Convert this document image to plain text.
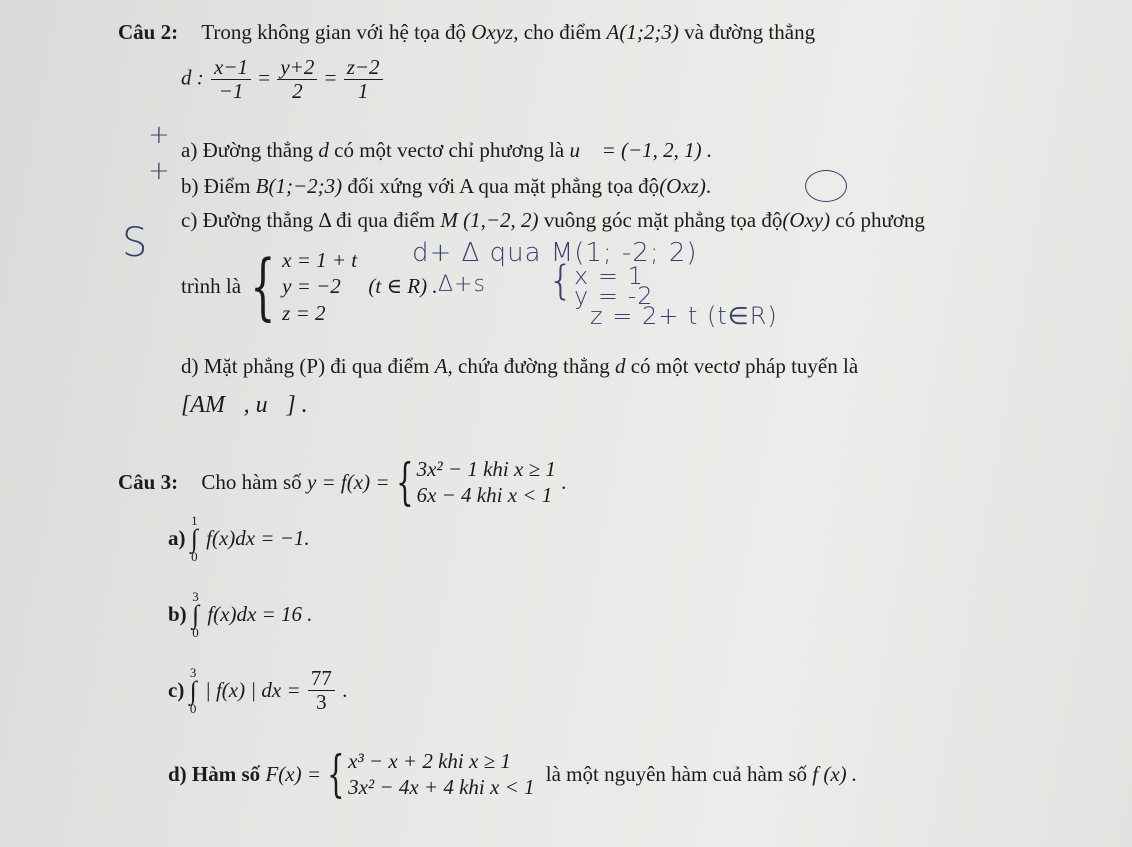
Câu 2: Trong không gian với hệ tọa độ Oxyz, cho điểm A(1;2;3) và đường thẳng
d : $\frac{x-1}{-1} = \frac{y+2}{2} = \frac{z-2}{1}$
a) Đường thẳng d có một vectơ chỉ phương là u⃗ = (−1, 2, 1) .
b) Điểm B(1;−2;3) đối xứng với A qua mặt phẳng tọa độ(Oxz).
c) Đường thẳng Δ đi qua điểm M (1,−2, 2) vuông góc mặt phẳng tọa độ(Oxy) có phương
trình là { x = 1 + t
y = −2
z = 2
(t ∈ R) .
d) Mặt phẳng (P) đi qua điểm A, chứa đường thẳng d có một vectơ pháp tuyến là
[AM⃗, u⃗] .
Câu 3: Cho hàm số y = f(x) = { 3x² − 1 khi x ≥ 1
6x − 4 khi x < 1
.
a)
1
∫
0
f(x)dx = −1.
b)
3
∫
0
f(x)dx = 16 .
c)
3
∫
0
| f(x) | dx = $\frac{77}{3}$ .
d) Hàm số F(x) = { x³ − x + 2 khi x ≥ 1
3x² − 4x + 4 khi x < 1
là một nguyên hàm cuả hàm số f (x) .
+
+
S	d+ Δ qua M(1; -2; 2)
Δ+s { x = 1
y = -2
z = 2+ t (t∈R)
